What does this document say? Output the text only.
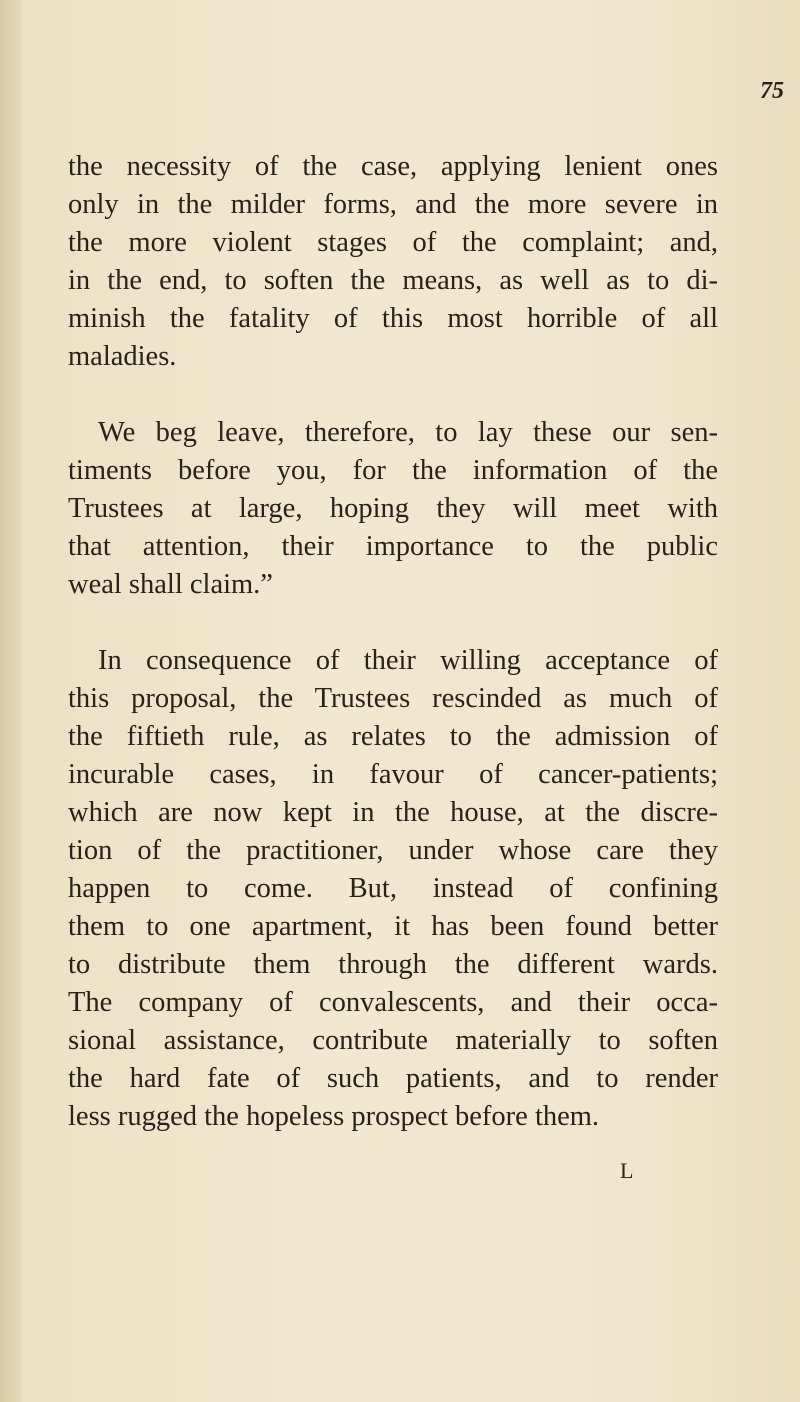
75
the necessity of the case, applying lenient ones
only in the milder forms, and the more severe in
the more violent stages of the complaint; and,
in the end, to soften the means, as well as to di-
minish the fatality of this most horrible of all
maladies.
We beg leave, therefore, to lay these our sen-
timents before you, for the information of the
Trustees at large, hoping they will meet with
that attention, their importance to the public
weal shall claim.”
In consequence of their willing acceptance of
this proposal, the Trustees rescinded as much of
the fiftieth rule, as relates to the admission of
incurable cases, in favour of cancer-patients;
which are now kept in the house, at the discre-
tion of the practitioner, under whose care they
happen to come. But, instead of confining
them to one apartment, it has been found better
to distribute them through the different wards.
The company of convalescents, and their occa-
sional assistance, contribute materially to soften
the hard fate of such patients, and to render
less rugged the hopeless prospect before them.
L
